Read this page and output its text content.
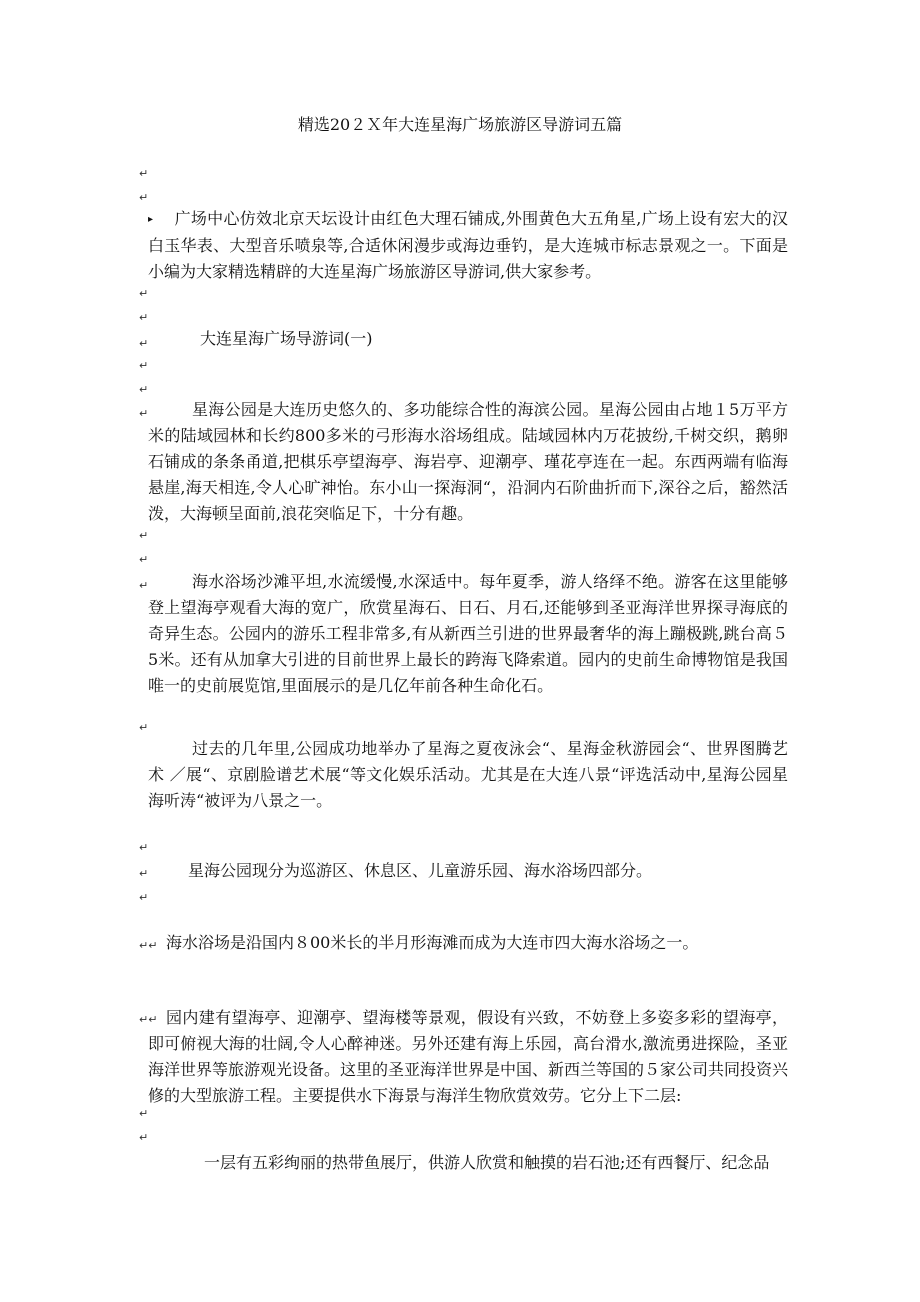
精选20２Ｘ年大连星海广场旅游区导游词五篇
↵
↵
▸ 广场中心仿效北京天坛设计由红色大理石铺成,外围黄色大五角星,广场上设有宏大的汉白玉华表、大型音乐喷泉等,合适休闲漫步或海边垂钓，是大连城市标志景观之一。下面是小编为大家精选精辟的大连星海广场旅游区导游词,供大家参考。
↵
↵
↵	大连星海广场导游词(一)
↵
↵
↵	星海公园是大连历史悠久的、多功能综合性的海滨公园。星海公园由占地１5万平方米的陆域园林和长约800多米的弓形海水浴场组成。陆域园林内万花披纷,千树交织，鹅卵石铺成的条条甬道,把棋乐亭望海亭、海岩亭、迎潮亭、瑾花亭连在一起。东西两端有临海悬崖,海天相连,令人心旷神怡。东小山一探海洞“，沿洞内石阶曲折而下,深谷之后，豁然活泼，大海顿呈面前,浪花突临足下，十分有趣。
↵
↵
↵	海水浴场沙滩平坦,水流缓慢,水深适中。每年夏季，游人络绎不绝。游客在这里能够登上望海亭观看大海的宽广，欣赏星海石、日石、月石,还能够到圣亚海洋世界探寻海底的奇异生态。公园内的游乐工程非常多,有从新西兰引进的世界最奢华的海上蹦极跳,跳台高５5米。还有从加拿大引进的目前世界上最长的跨海飞降索道。园内的史前生命博物馆是我国唯一的史前展览馆,里面展示的是几亿年前各种生命化石。
↵
过去的几年里,公园成功地举办了星海之夏夜泳会“、星海金秋游园会“、世界图腾艺术 ／展“、京剧脸谱艺术展“等文化娱乐活动。尤其是在大连八景“评选活动中,星海公园星海听涛“被评为八景之一。
↵
↵ 星海公园现分为巡游区、休息区、儿童游乐园、海水浴场四部分。
↵
↵↵ 海水浴场是沿国内８00米长的半月形海滩而成为大连市四大海水浴场之一。
↵↵ 园内建有望海亭、迎潮亭、望海楼等景观，假设有兴致，不妨登上多姿多彩的望海亭，即可俯视大海的壮阔,令人心醉神迷。另外还建有海上乐园，高台滑水,激流勇进探险，圣亚海洋世界等旅游观光设备。这里的圣亚海洋世界是中国、新西兰等国的５家公司共同投资兴修的大型旅游工程。主要提供水下海景与海洋生物欣赏效劳。它分上下二层:
↵
↵
一层有五彩绚丽的热带鱼展厅，供游人欣赏和触摸的岩石池;还有西餐厅、纪念品
